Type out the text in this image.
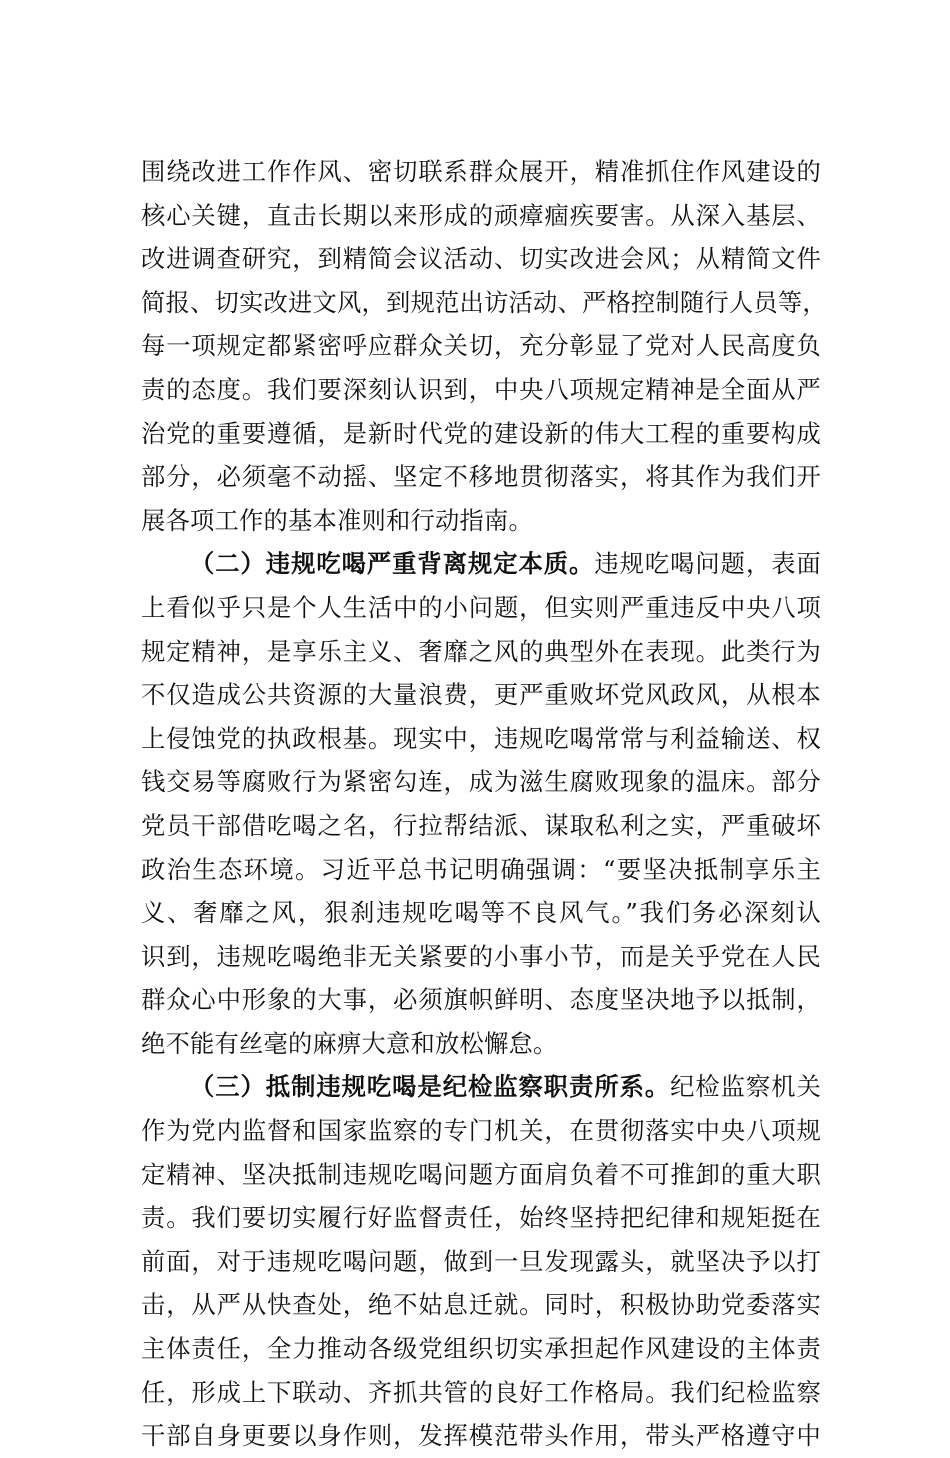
围绕改进工作作风、密切联系群众展开，精准抓住作风建设的
核心关键，直击长期以来形成的顽瘴痼疾要害。从深入基层、
改进调查研究，到精简会议活动、切实改进会风；从精简文件
简报、切实改进文风，到规范出访活动、严格控制随行人员等，
每一项规定都紧密呼应群众关切，充分彰显了党对人民高度负
责的态度。我们要深刻认识到，中央八项规定精神是全面从严
治党的重要遵循，是新时代党的建设新的伟大工程的重要构成
部分，必须毫不动摇、坚定不移地贯彻落实，将其作为我们开
展各项工作的基本准则和行动指南。
（二）违规吃喝严重背离规定本质。违规吃喝问题，表面
上看似乎只是个人生活中的小问题，但实则严重违反中央八项
规定精神，是享乐主义、奢靡之风的典型外在表现。此类行为
不仅造成公共资源的大量浪费，更严重败坏党风政风，从根本
上侵蚀党的执政根基。现实中，违规吃喝常常与利益输送、权
钱交易等腐败行为紧密勾连，成为滋生腐败现象的温床。部分
党员干部借吃喝之名，行拉帮结派、谋取私利之实，严重破坏
政治生态环境。习近平总书记明确强调：“要坚决抵制享乐主
义、奢靡之风，狠刹违规吃喝等不良风气。”我们务必深刻认
识到，违规吃喝绝非无关紧要的小事小节，而是关乎党在人民
群众心中形象的大事，必须旗帜鲜明、态度坚决地予以抵制，
绝不能有丝毫的麻痹大意和放松懈怠。
（三）抵制违规吃喝是纪检监察职责所系。纪检监察机关
作为党内监督和国家监察的专门机关，在贯彻落实中央八项规
定精神、坚决抵制违规吃喝问题方面肩负着不可推卸的重大职
责。我们要切实履行好监督责任，始终坚持把纪律和规矩挺在
前面，对于违规吃喝问题，做到一旦发现露头，就坚决予以打
击，从严从快查处，绝不姑息迁就。同时，积极协助党委落实
主体责任，全力推动各级党组织切实承担起作风建设的主体责
任，形成上下联动、齐抓共管的良好工作格局。我们纪检监察
干部自身更要以身作则，发挥模范带头作用，带头严格遵守中
